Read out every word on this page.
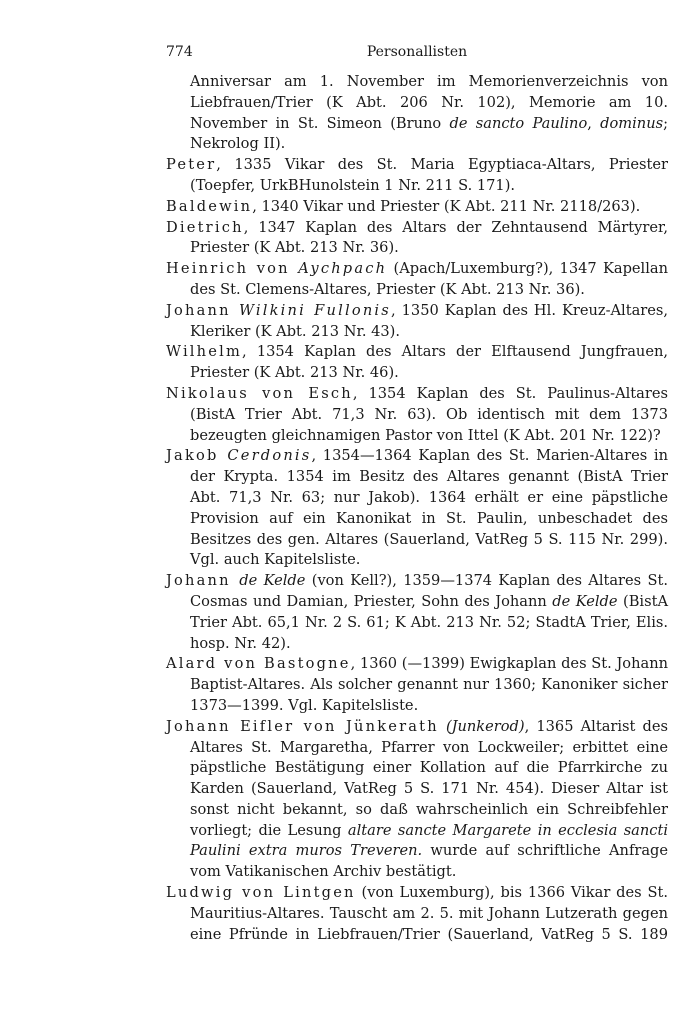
774	Personallisten

Anniversar am 1. November im Memorienverzeichnis von Liebfrauen/Trier (K Abt. 206 Nr. 102), Memorie am 10. November in St. Simeon (Bruno de sancto Paulino, dominus; Nekrolog II).

Peter, 1335 Vikar des St. Maria Egyptiaca-Altars, Priester (Toepfer, UrkBHunolstein 1 Nr. 211 S. 171).

Baldewin, 1340 Vikar und Priester (K Abt. 211 Nr. 2118/263).

Dietrich, 1347 Kaplan des Altars der Zehntausend Märtyrer, Priester (K Abt. 213 Nr. 36).

Heinrich von Aychpach (Apach/Luxemburg?), 1347 Kapellan des St. Clemens-Altares, Priester (K Abt. 213 Nr. 36).

Johann Wilkini Fullonis, 1350 Kaplan des Hl. Kreuz-Altares, Kleriker (K Abt. 213 Nr. 43).

Wilhelm, 1354 Kaplan des Altars der Elftausend Jungfrauen, Priester (K Abt. 213 Nr. 46).

Nikolaus von Esch, 1354 Kaplan des St. Paulinus-Altares (BistA Trier Abt. 71,3 Nr. 63). Ob identisch mit dem 1373 bezeugten gleichnamigen Pastor von Ittel (K Abt. 201 Nr. 122)?

Jakob Cerdonis, 1354—1364 Kaplan des St. Marien-Altares in der Krypta. 1354 im Besitz des Altares genannt (BistA Trier Abt. 71,3 Nr. 63; nur Jakob). 1364 erhält er eine päpstliche Provision auf ein Kanonikat in St. Paulin, unbeschadet des Besitzes des gen. Altares (Sauerland, VatReg 5 S. 115 Nr. 299). Vgl. auch Kapitelsliste.

Johann de Kelde (von Kell?), 1359—1374 Kaplan des Altares St. Cosmas und Damian, Priester, Sohn des Johann de Kelde (BistA Trier Abt. 65,1 Nr. 2 S. 61; K Abt. 213 Nr. 52; StadtA Trier, Elis. hosp. Nr. 42).

Alard von Bastogne, 1360 (—1399) Ewigkaplan des St. Johann Baptist-Altares. Als solcher genannt nur 1360; Kanoniker sicher 1373—1399. Vgl. Kapitelsliste.

Johann Eifler von Jünkerath (Junkerod), 1365 Altarist des Altares St. Margaretha, Pfarrer von Lockweiler; erbittet eine päpstliche Bestätigung einer Kollation auf die Pfarrkirche zu Karden (Sauerland, VatReg 5 S. 171 Nr. 454). Dieser Altar ist sonst nicht bekannt, so daß wahrscheinlich ein Schreibfehler vorliegt; die Lesung altare sancte Margarete in ecclesia sancti Paulini extra muros Treveren. wurde auf schriftliche Anfrage vom Vatikanischen Archiv bestätigt.

Ludwig von Lintgen (von Luxemburg), bis 1366 Vikar des St. Mauritius-Altares. Tauscht am 2. 5. mit Johann Lutzerath gegen eine Pfründe in Liebfrauen/Trier (Sauerland, VatReg 5 S. 189
